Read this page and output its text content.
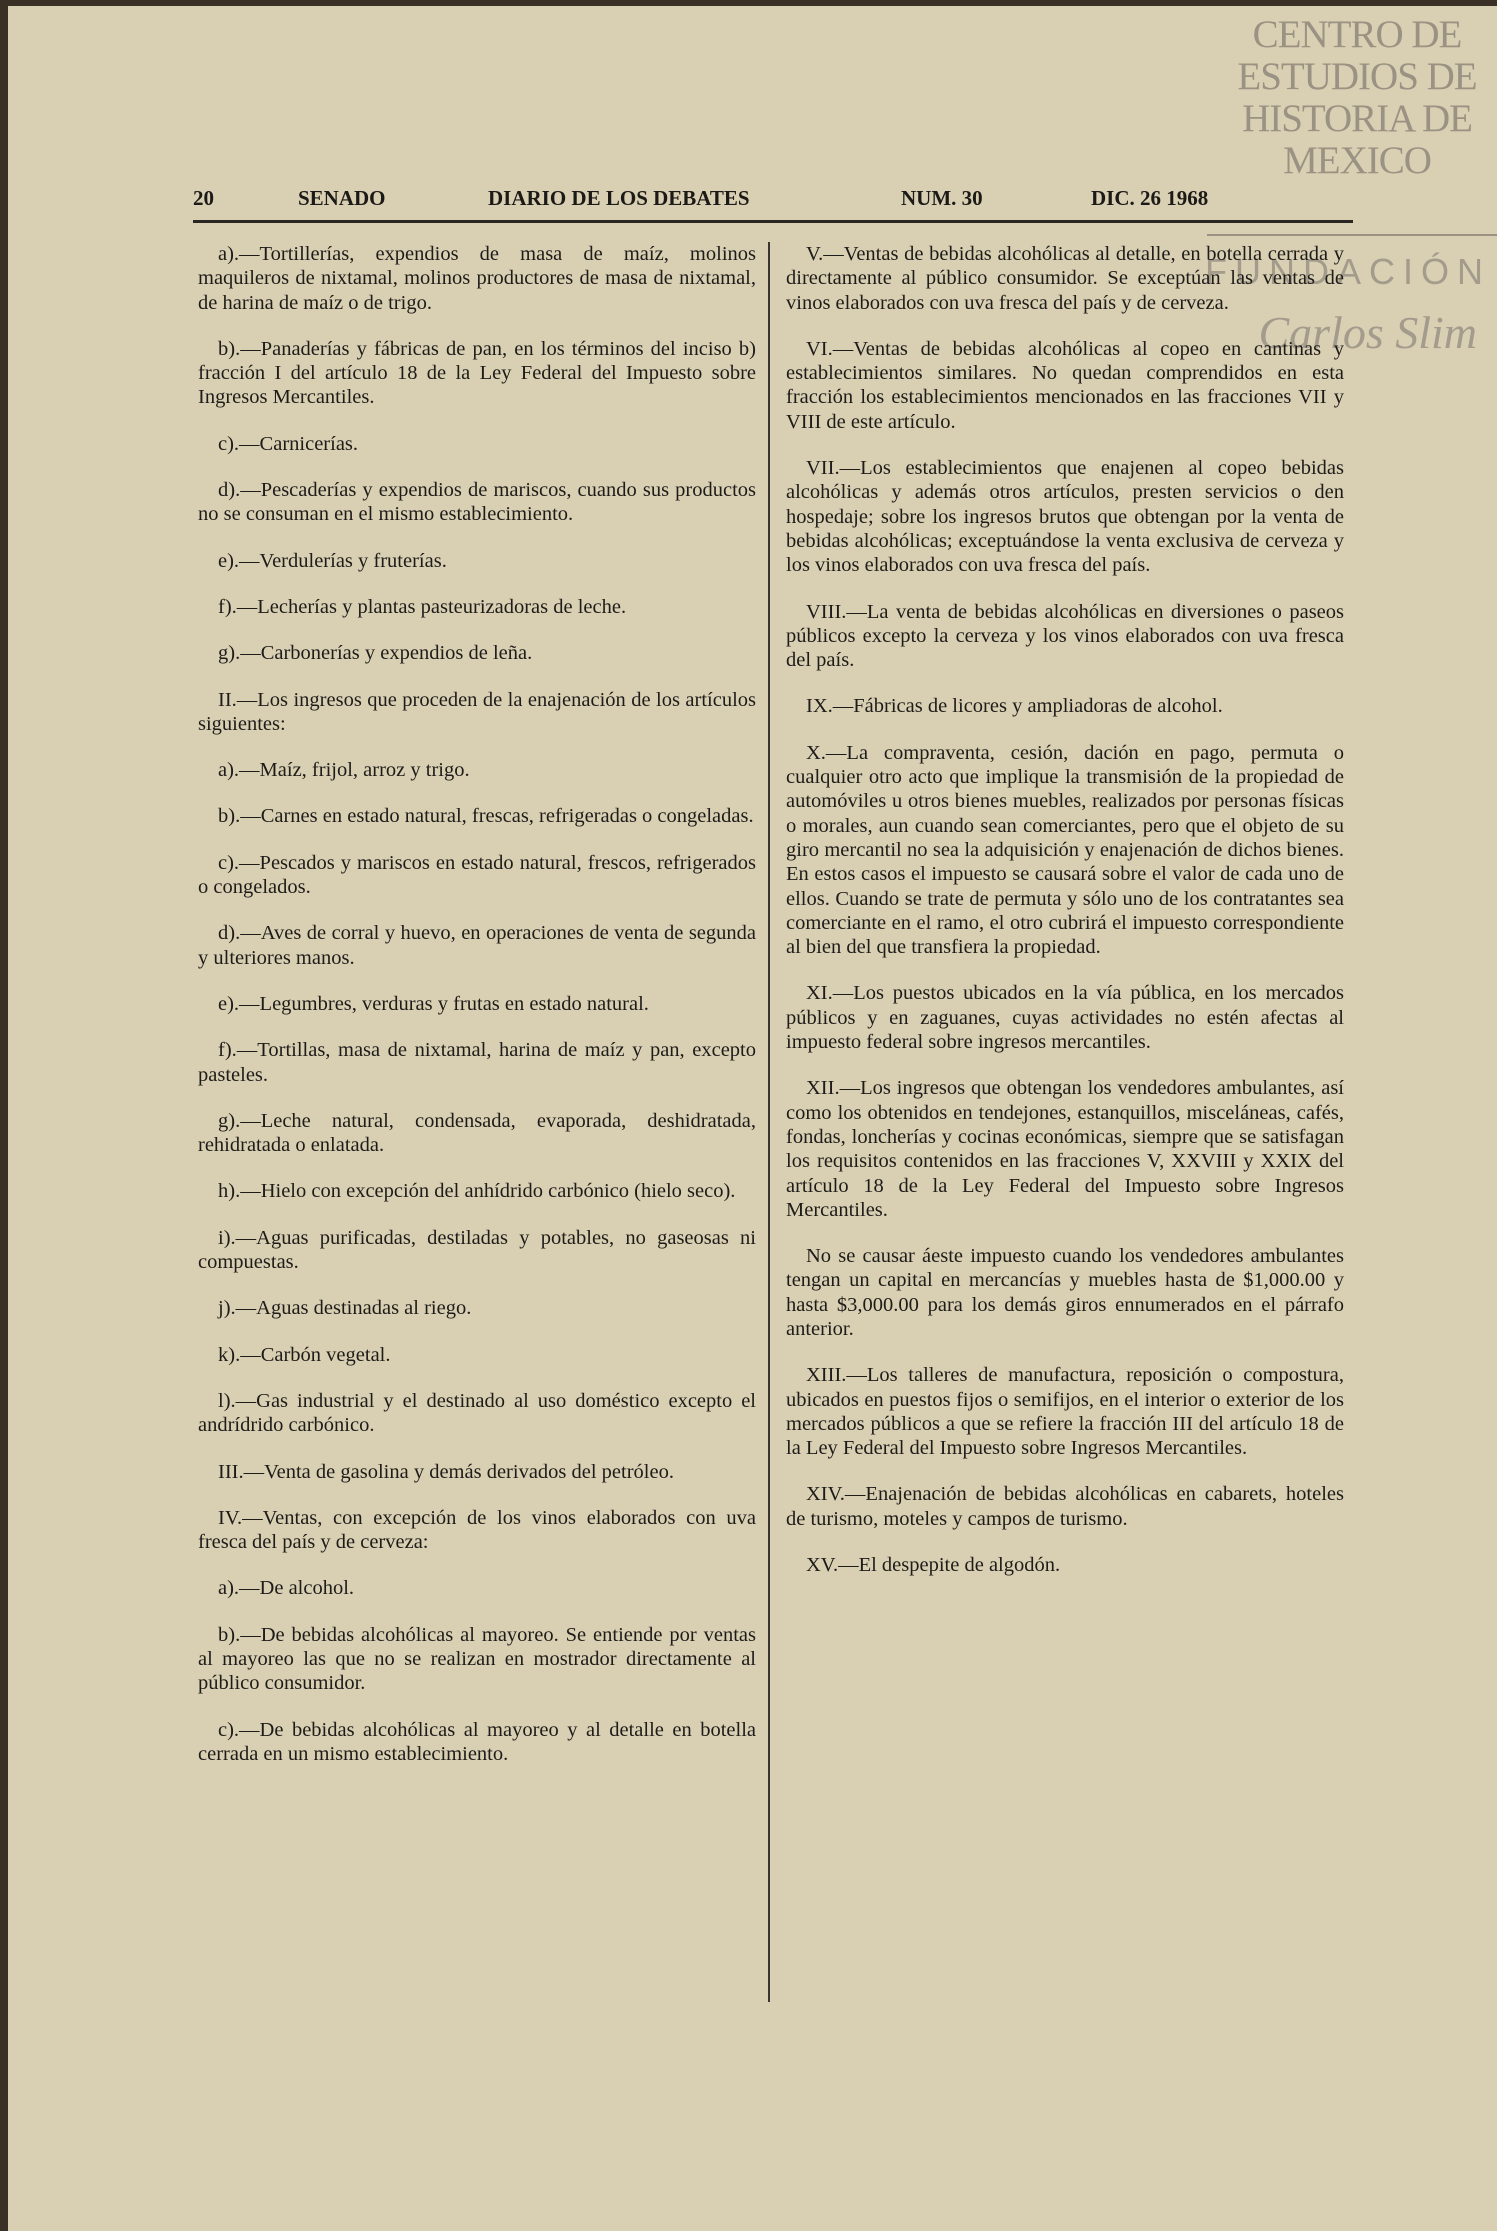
CENTRO DE ESTUDIOS DE HISTORIA DE MEXICO
FUNDACIÓN
Carlos Slim
20	SENADO	DIARIO DE LOS DEBATES	NUM. 30	DIC. 26 1968

a).—Tortillerías, expendios de masa de maíz, molinos maquileros de nixtamal, molinos productores de masa de nixtamal, de harina de maíz o de trigo.

b).—Panaderías y fábricas de pan, en los términos del inciso b) fracción I del artículo 18 de la Ley Federal del Impuesto sobre Ingresos Mercantiles.

c).—Carnicerías.

d).—Pescaderías y expendios de mariscos, cuando sus productos no se consuman en el mismo establecimiento.

e).—Verdulerías y fruterías.

f).—Lecherías y plantas pasteurizadoras de leche.

g).—Carbonerías y expendios de leña.

II.—Los ingresos que proceden de la enajenación de los artículos siguientes:

a).—Maíz, frijol, arroz y trigo.

b).—Carnes en estado natural, frescas, refrigeradas o congeladas.

c).—Pescados y mariscos en estado natural, frescos, refrigerados o congelados.

d).—Aves de corral y huevo, en operaciones de venta de segunda y ulteriores manos.

e).—Legumbres, verduras y frutas en estado natural.

f).—Tortillas, masa de nixtamal, harina de maíz y pan, excepto pasteles.

g).—Leche natural, condensada, evaporada, deshidratada, rehidratada o enlatada.

h).—Hielo con excepción del anhídrido carbónico (hielo seco).

i).—Aguas purificadas, destiladas y potables, no gaseosas ni compuestas.

j).—Aguas destinadas al riego.

k).—Carbón vegetal.

l).—Gas industrial y el destinado al uso doméstico excepto el andrídrido carbónico.

III.—Venta de gasolina y demás derivados del petróleo.

IV.—Ventas, con excepción de los vinos elaborados con uva fresca del país y de cerveza:

a).—De alcohol.

b).—De bebidas alcohólicas al mayoreo. Se entiende por ventas al mayoreo las que no se realizan en mostrador directamente al público consumidor.

c).—De bebidas alcohólicas al mayoreo y al detalle en botella cerrada en un mismo establecimiento.

V.—Ventas de bebidas alcohólicas al detalle, en botella cerrada y directamente al público consumidor. Se exceptúan las ventas de vinos elaborados con uva fresca del país y de cerveza.

VI.—Ventas de bebidas alcohólicas al copeo en cantinas y establecimientos similares. No quedan comprendidos en esta fracción los establecimientos mencionados en las fracciones VII y VIII de este artículo.

VII.—Los establecimientos que enajenen al copeo bebidas alcohólicas y además otros artículos, presten servicios o den hospedaje; sobre los ingresos brutos que obtengan por la venta de bebidas alcohólicas; exceptuándose la venta exclusiva de cerveza y los vinos elaborados con uva fresca del país.

VIII.—La venta de bebidas alcohólicas en diversiones o paseos públicos excepto la cerveza y los vinos elaborados con uva fresca del país.

IX.—Fábricas de licores y ampliadoras de alcohol.

X.—La compraventa, cesión, dación en pago, permuta o cualquier otro acto que implique la transmisión de la propiedad de automóviles u otros bienes muebles, realizados por personas físicas o morales, aun cuando sean comerciantes, pero que el objeto de su giro mercantil no sea la adquisición y enajenación de dichos bienes. En estos casos el impuesto se causará sobre el valor de cada uno de ellos. Cuando se trate de permuta y sólo uno de los contratantes sea comerciante en el ramo, el otro cubrirá el impuesto correspondiente al bien del que transfiera la propiedad.

XI.—Los puestos ubicados en la vía pública, en los mercados públicos y en zaguanes, cuyas actividades no estén afectas al impuesto federal sobre ingresos mercantiles.

XII.—Los ingresos que obtengan los vendedores ambulantes, así como los obtenidos en tendejones, estanquillos, misceláneas, cafés, fondas, loncherías y cocinas económicas, siempre que se satisfagan los requisitos contenidos en las fracciones V, XXVIII y XXIX del artículo 18 de la Ley Federal del Impuesto sobre Ingresos Mercantiles.

No se causar áeste impuesto cuando los vendedores ambulantes tengan un capital en mercancías y muebles hasta de $1,000.00 y hasta $3,000.00 para los demás giros ennumerados en el párrafo anterior.

XIII.—Los talleres de manufactura, reposición o compostura, ubicados en puestos fijos o semifijos, en el interior o exterior de los mercados públicos a que se refiere la fracción III del artículo 18 de la Ley Federal del Impuesto sobre Ingresos Mercantiles.

XIV.—Enajenación de bebidas alcohólicas en cabarets, hoteles de turismo, moteles y campos de turismo.

XV.—El despepite de algodón.
